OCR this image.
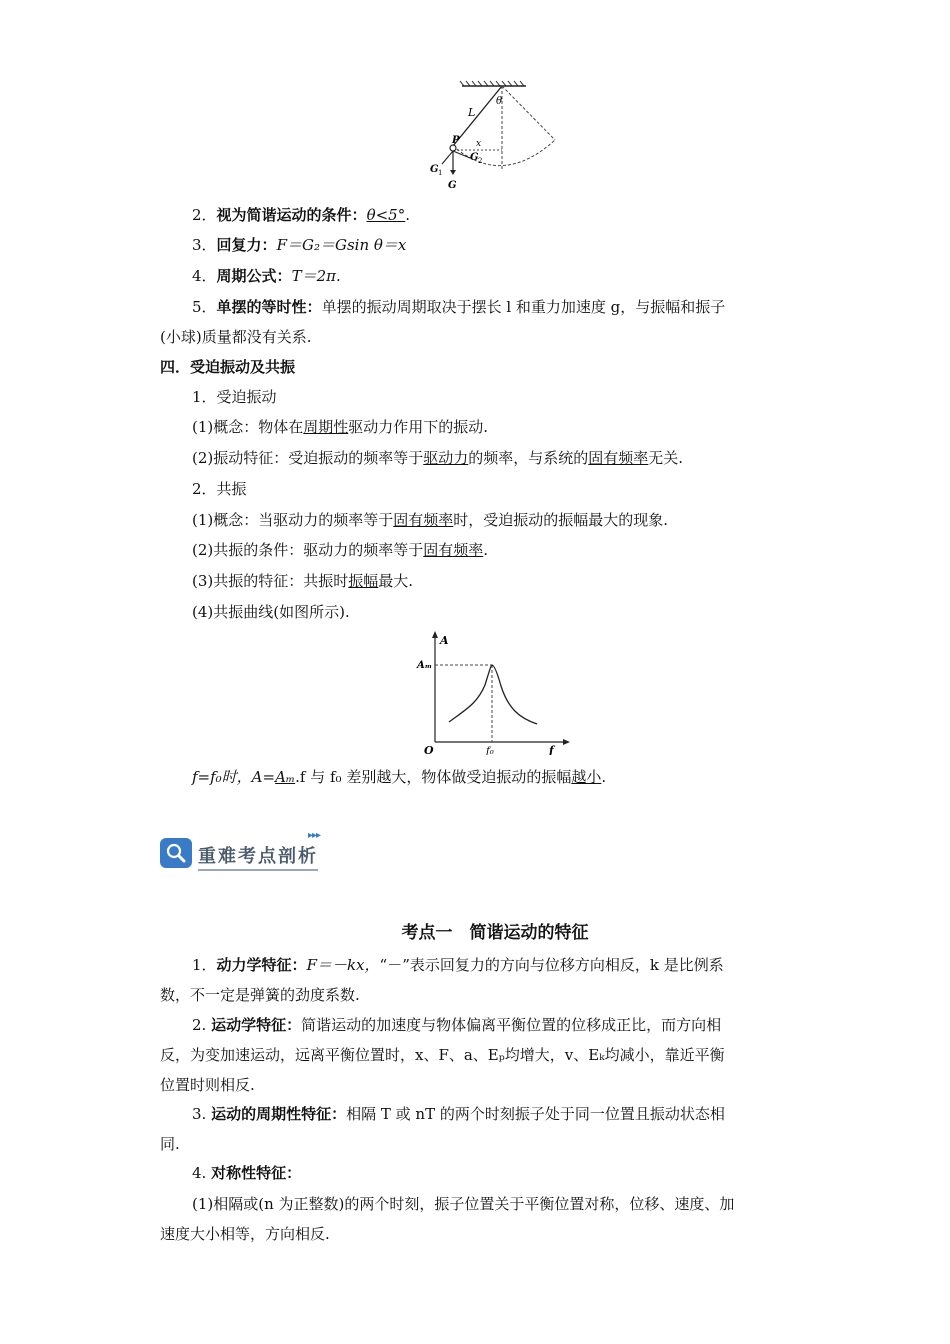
L
θ
P x
G 1
G
G 2
2．视为简谐运动的条件：θ<5°.
3．回复力：F＝G₂＝Gsin θ＝x
4．周期公式：T＝2π.
5．单摆的等时性：单摆的振动周期取决于摆长 l 和重力加速度 g，与振幅和振子
(小球)质量都没有关系.
四．受迫振动及共振
1．受迫振动
(1)概念：物体在周期性驱动力作用下的振动.
(2)振动特征：受迫振动的频率等于驱动力的频率，与系统的固有频率无关.
2．共振
(1)概念：当驱动力的频率等于固有频率时，受迫振动的振幅最大的现象.
(2)共振的条件：驱动力的频率等于固有频率.
(3)共振的特征：共振时振幅最大.
(4)共振曲线(如图所示).
A
Aₘ
O	f₀	f
f=f₀时，A=Aₘ.f 与 f₀ 差别越大，物体做受迫振动的振幅越小.
重难考点剖析
▸▸▸
考点一　简谐运动的特征
1．动力学特征：F＝－kx，“－”表示回复力的方向与位移方向相反，k 是比例系
数，不一定是弹簧的劲度系数.
2. 运动学特征：简谐运动的加速度与物体偏离平衡位置的位移成正比，而方向相
反，为变加速运动，远离平衡位置时，x、F、a、Eₚ均增大，v、Eₖ均减小，靠近平衡
位置时则相反.
3. 运动的周期性特征：相隔 T 或 nT 的两个时刻振子处于同一位置且振动状态相
同.
4. 对称性特征：
(1)相隔或(n 为正整数)的两个时刻，振子位置关于平衡位置对称，位移、速度、加
速度大小相等，方向相反.
